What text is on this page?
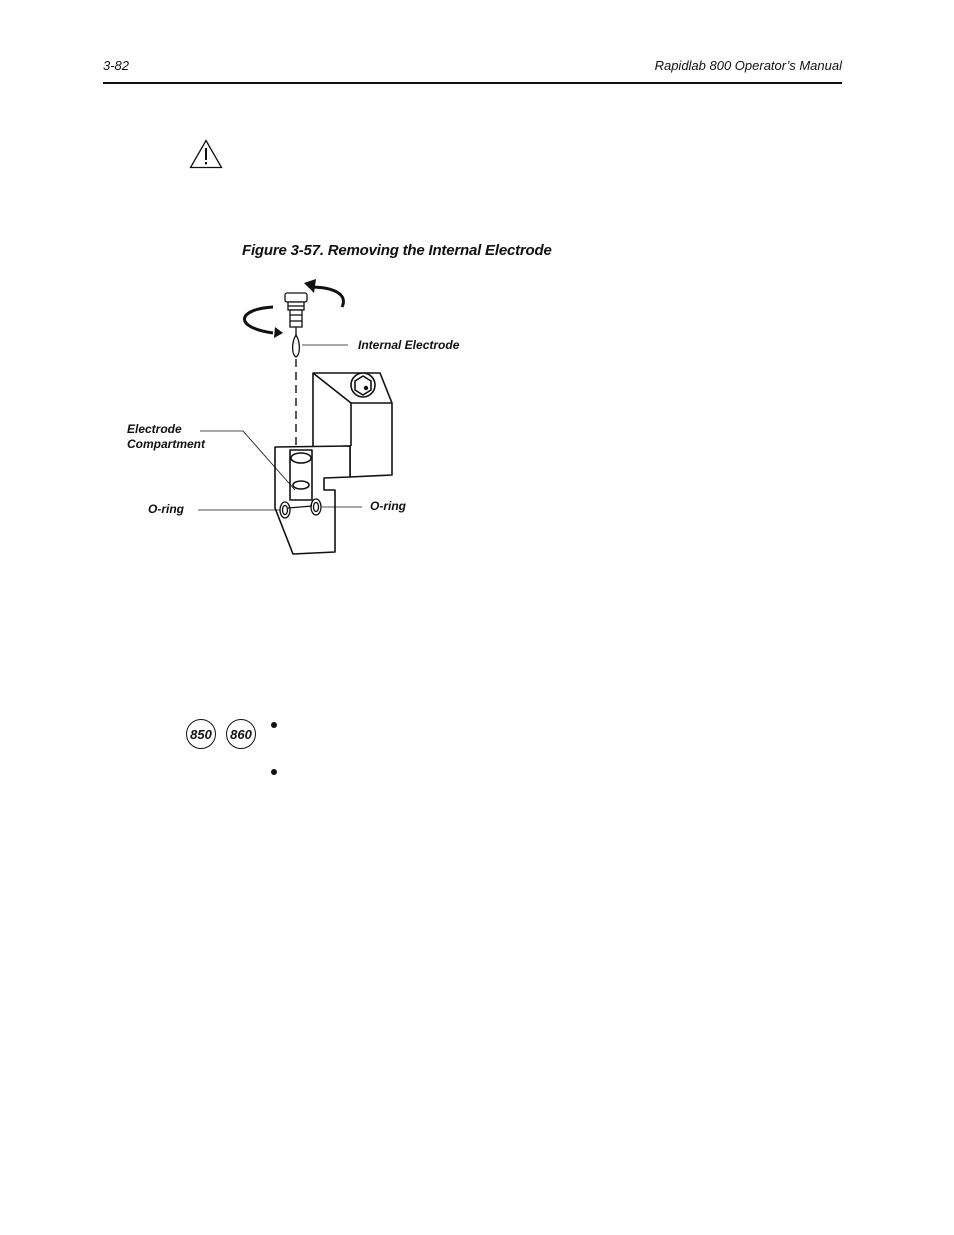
3-82	Rapidlab 800 Operator’s Manual
Figure 3-57. Removing the Internal Electrode
Internal Electrode
Electrode
Compartment
O-ring	O-ring
850	860
